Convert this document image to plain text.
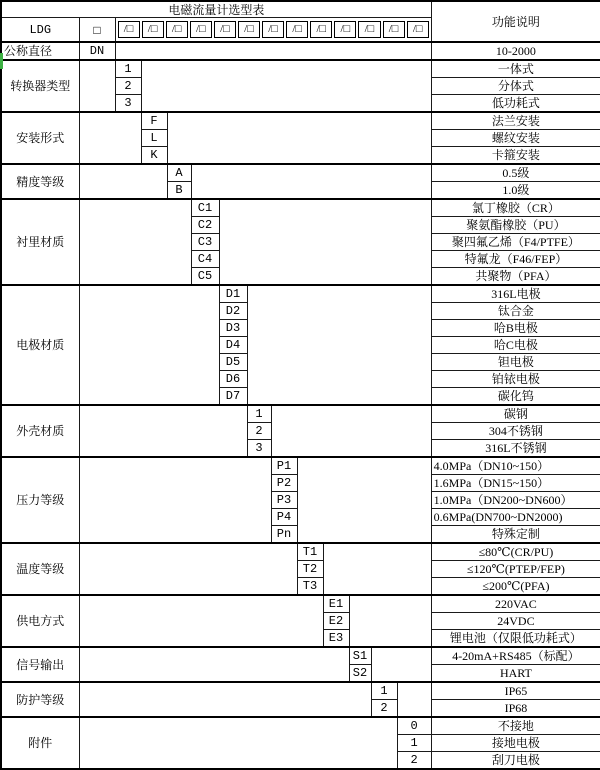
电磁流量计选型表														功能说明
LDG	□	/□	/□	/□	/□	/□	/□	/□	/□	/□	/□	/□	/□	/□

公称直径	DN													10-2000
转换器类型		1												一体式
		2												分体式
		3												低功耗式
安装形式			F											法兰安装
			L											螺纹安装
			K											卡箍安装
精度等级				A										0.5级
				B										1.0级
衬里材质					C1									氯丁橡胶（CR）
					C2									聚氨酯橡胶（PU）
					C3									聚四氟乙烯（F4/PTFE）
					C4									特氟龙（F46/FEP）
					C5									共聚物（PFA）
电极材质						D1								316L电极
						D2								钛合金
						D3								哈B电极
						D4								哈C电极
						D5								钽电极
						D6								铂铱电极
						D7								碳化钨
外壳材质							1							碳钢
							2							304不锈钢
							3							316L不锈钢
压力等级								P1						4.0MPa（DN10~150）
								P2						1.6MPa（DN15~150）
								P3						1.0MPa（DN200~DN600）
								P4						0.6MPa(DN700~DN2000)
								Pn						特殊定制
温度等级									T1					≤80℃(CR/PU)
									T2					≤120℃(PTEP/FEP)
									T3					≤200℃(PFA)
供电方式										E1				220VAC
										E2				24VDC
										E3				锂电池（仅限低功耗式）
信号输出											S1			4-20mA+RS485（标配）
											S2			HART
防护等级												1		IP65
												2		IP68
附件													0	不接地
													1	接地电极
													2	刮刀电极
